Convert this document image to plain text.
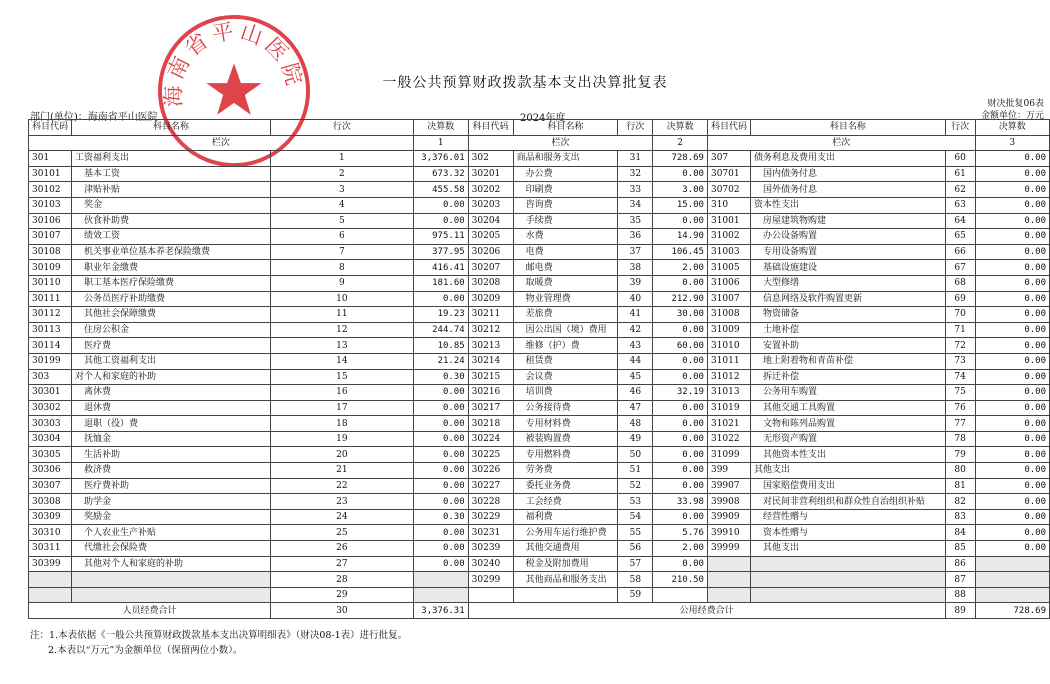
海南省平山医院	一般公共预算财政拨款基本支出决算批复表
财决批复06表
金额单位：万元
部门(单位)：海南省平山医院	2024年度
科目代码	科目名称	行次	决算数	科目代码	科目名称	行次	决算数	科目代码	科目名称	行次	决算数
栏次			1	栏次			2	栏次			3
301	工资福利支出	1	3,376.01	302	商品和服务支出	31	728.69	307	债务利息及费用支出	60	0.00
30101	基本工资	2	673.32	30201	办公费	32	0.00	30701	国内债务付息	61	0.00
30102	津贴补贴	3	455.58	30202	印刷费	33	3.00	30702	国外债务付息	62	0.00
30103	奖金	4	0.00	30203	咨询费	34	15.00	310	资本性支出	63	0.00
30106	伙食补助费	5	0.00	30204	手续费	35	0.00	31001	房屋建筑物购建	64	0.00
30107	绩效工资	6	975.11	30205	水费	36	14.90	31002	办公设备购置	65	0.00
30108	机关事业单位基本养老保险缴费	7	377.95	30206	电费	37	106.45	31003	专用设备购置	66	0.00
30109	职业年金缴费	8	416.41	30207	邮电费	38	2.00	31005	基础设施建设	67	0.00
30110	职工基本医疗保险缴费	9	181.60	30208	取暖费	39	0.00	31006	大型修缮	68	0.00
30111	公务员医疗补助缴费	10	0.00	30209	物业管理费	40	212.90	31007	信息网络及软件购置更新	69	0.00
30112	其他社会保障缴费	11	19.23	30211	差旅费	41	30.00	31008	物资储备	70	0.00
30113	住房公积金	12	244.74	30212	因公出国（境）费用	42	0.00	31009	土地补偿	71	0.00
30114	医疗费	13	10.85	30213	维修（护）费	43	60.00	31010	安置补助	72	0.00
30199	其他工资福利支出	14	21.24	30214	租赁费	44	0.00	31011	地上附着物和青苗补偿	73	0.00
303	对个人和家庭的补助	15	0.30	30215	会议费	45	0.00	31012	拆迁补偿	74	0.00
30301	离休费	16	0.00	30216	培训费	46	32.19	31013	公务用车购置	75	0.00
30302	退休费	17	0.00	30217	公务接待费	47	0.00	31019	其他交通工具购置	76	0.00
30303	退职（役）费	18	0.00	30218	专用材料费	48	0.00	31021	文物和陈列品购置	77	0.00
30304	抚恤金	19	0.00	30224	被装购置费	49	0.00	31022	无形资产购置	78	0.00
30305	生活补助	20	0.00	30225	专用燃料费	50	0.00	31099	其他资本性支出	79	0.00
30306	救济费	21	0.00	30226	劳务费	51	0.00	399	其他支出	80	0.00
30307	医疗费补助	22	0.00	30227	委托业务费	52	0.00	39907	国家赔偿费用支出	81	0.00
30308	助学金	23	0.00	30228	工会经费	53	33.98	39908	对民间非营利组织和群众性自治组织补贴	82	0.00
30309	奖励金	24	0.30	30229	福利费	54	0.00	39909	经营性赠与	83	0.00
30310	个人农业生产补贴	25	0.00	30231	公务用车运行维护费	55	5.76	39910	资本性赠与	84	0.00
30311	代缴社会保险费	26	0.00	30239	其他交通费用	56	2.00	39999	其他支出	85	0.00
30399	其他对个人和家庭的补助	27	0.00	30240	税金及附加费用	57	0.00			86	
		28		30299	其他商品和服务支出	58	210.50			87	
		29				59				88	
人员经费合计		30	3,376.31	公用经费合计						89	728.69
注：1.本表依据《一般公共预算财政拨款基本支出决算明细表》（财决08-1表）进行批复。
2.本表以“万元”为金额单位（保留两位小数）。
